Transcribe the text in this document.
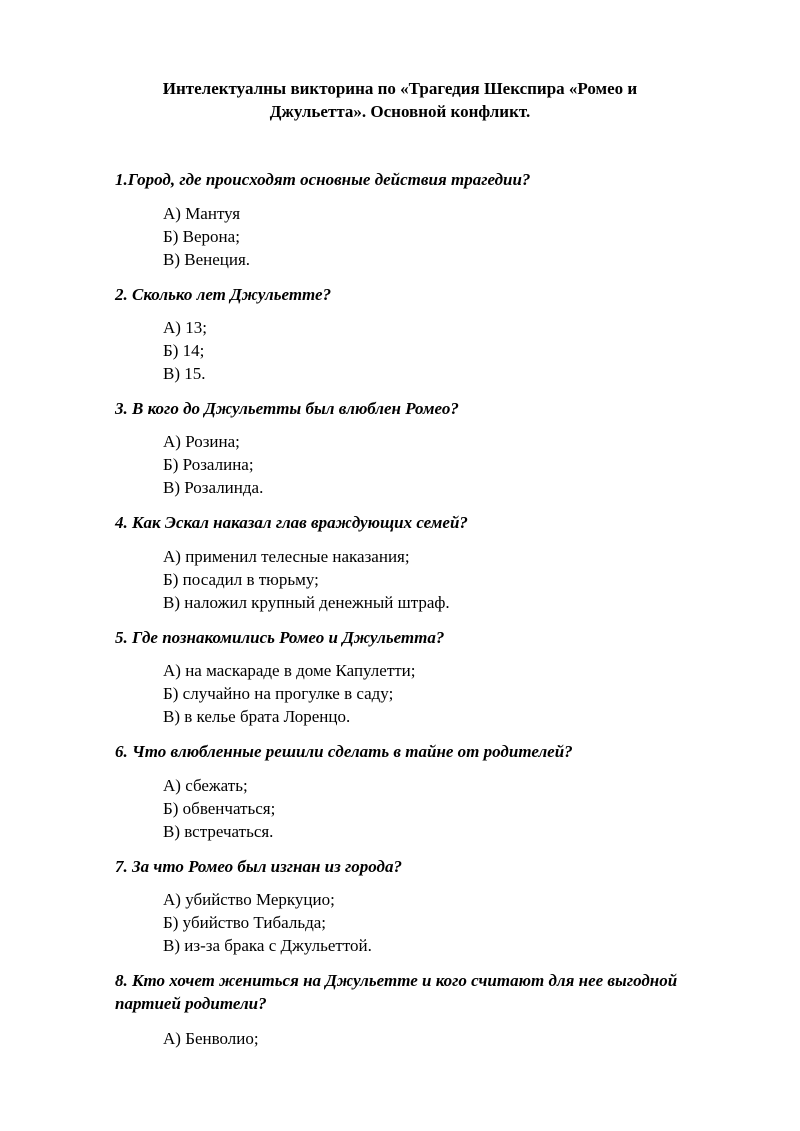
Интелектуалны викторина по «Трагедия Шекспира «Ромео и
Джульетта». Основной конфликт.
1.Город, где происходят основные действия трагедии?
А) Мантуя
Б) Верона;
В) Венеция.
2. Сколько лет Джульетте?
А) 13;
Б) 14;
В) 15.
3. В кого до Джульетты был влюблен Ромео?
А) Розина;
Б) Розалина;
В) Розалинда.
4. Как Эскал наказал глав враждующих семей?
А) применил телесные наказания;
Б) посадил в тюрьму;
В) наложил крупный денежный штраф.
5. Где познакомились Ромео и Джульетта?
А) на маскараде в доме Капулетти;
Б) случайно на прогулке в саду;
В) в келье брата Лоренцо.
6. Что влюбленные решили сделать в тайне от родителей?
А) сбежать;
Б) обвенчаться;
В) встречаться.
7. За что Ромео был изгнан из города?
А) убийство Меркуцио;
Б) убийство Тибальда;
В) из-за брака с Джульеттой.
8. Кто хочет жениться на Джульетте и кого считают для нее выгодной
партией родители?
А) Бенволио;
